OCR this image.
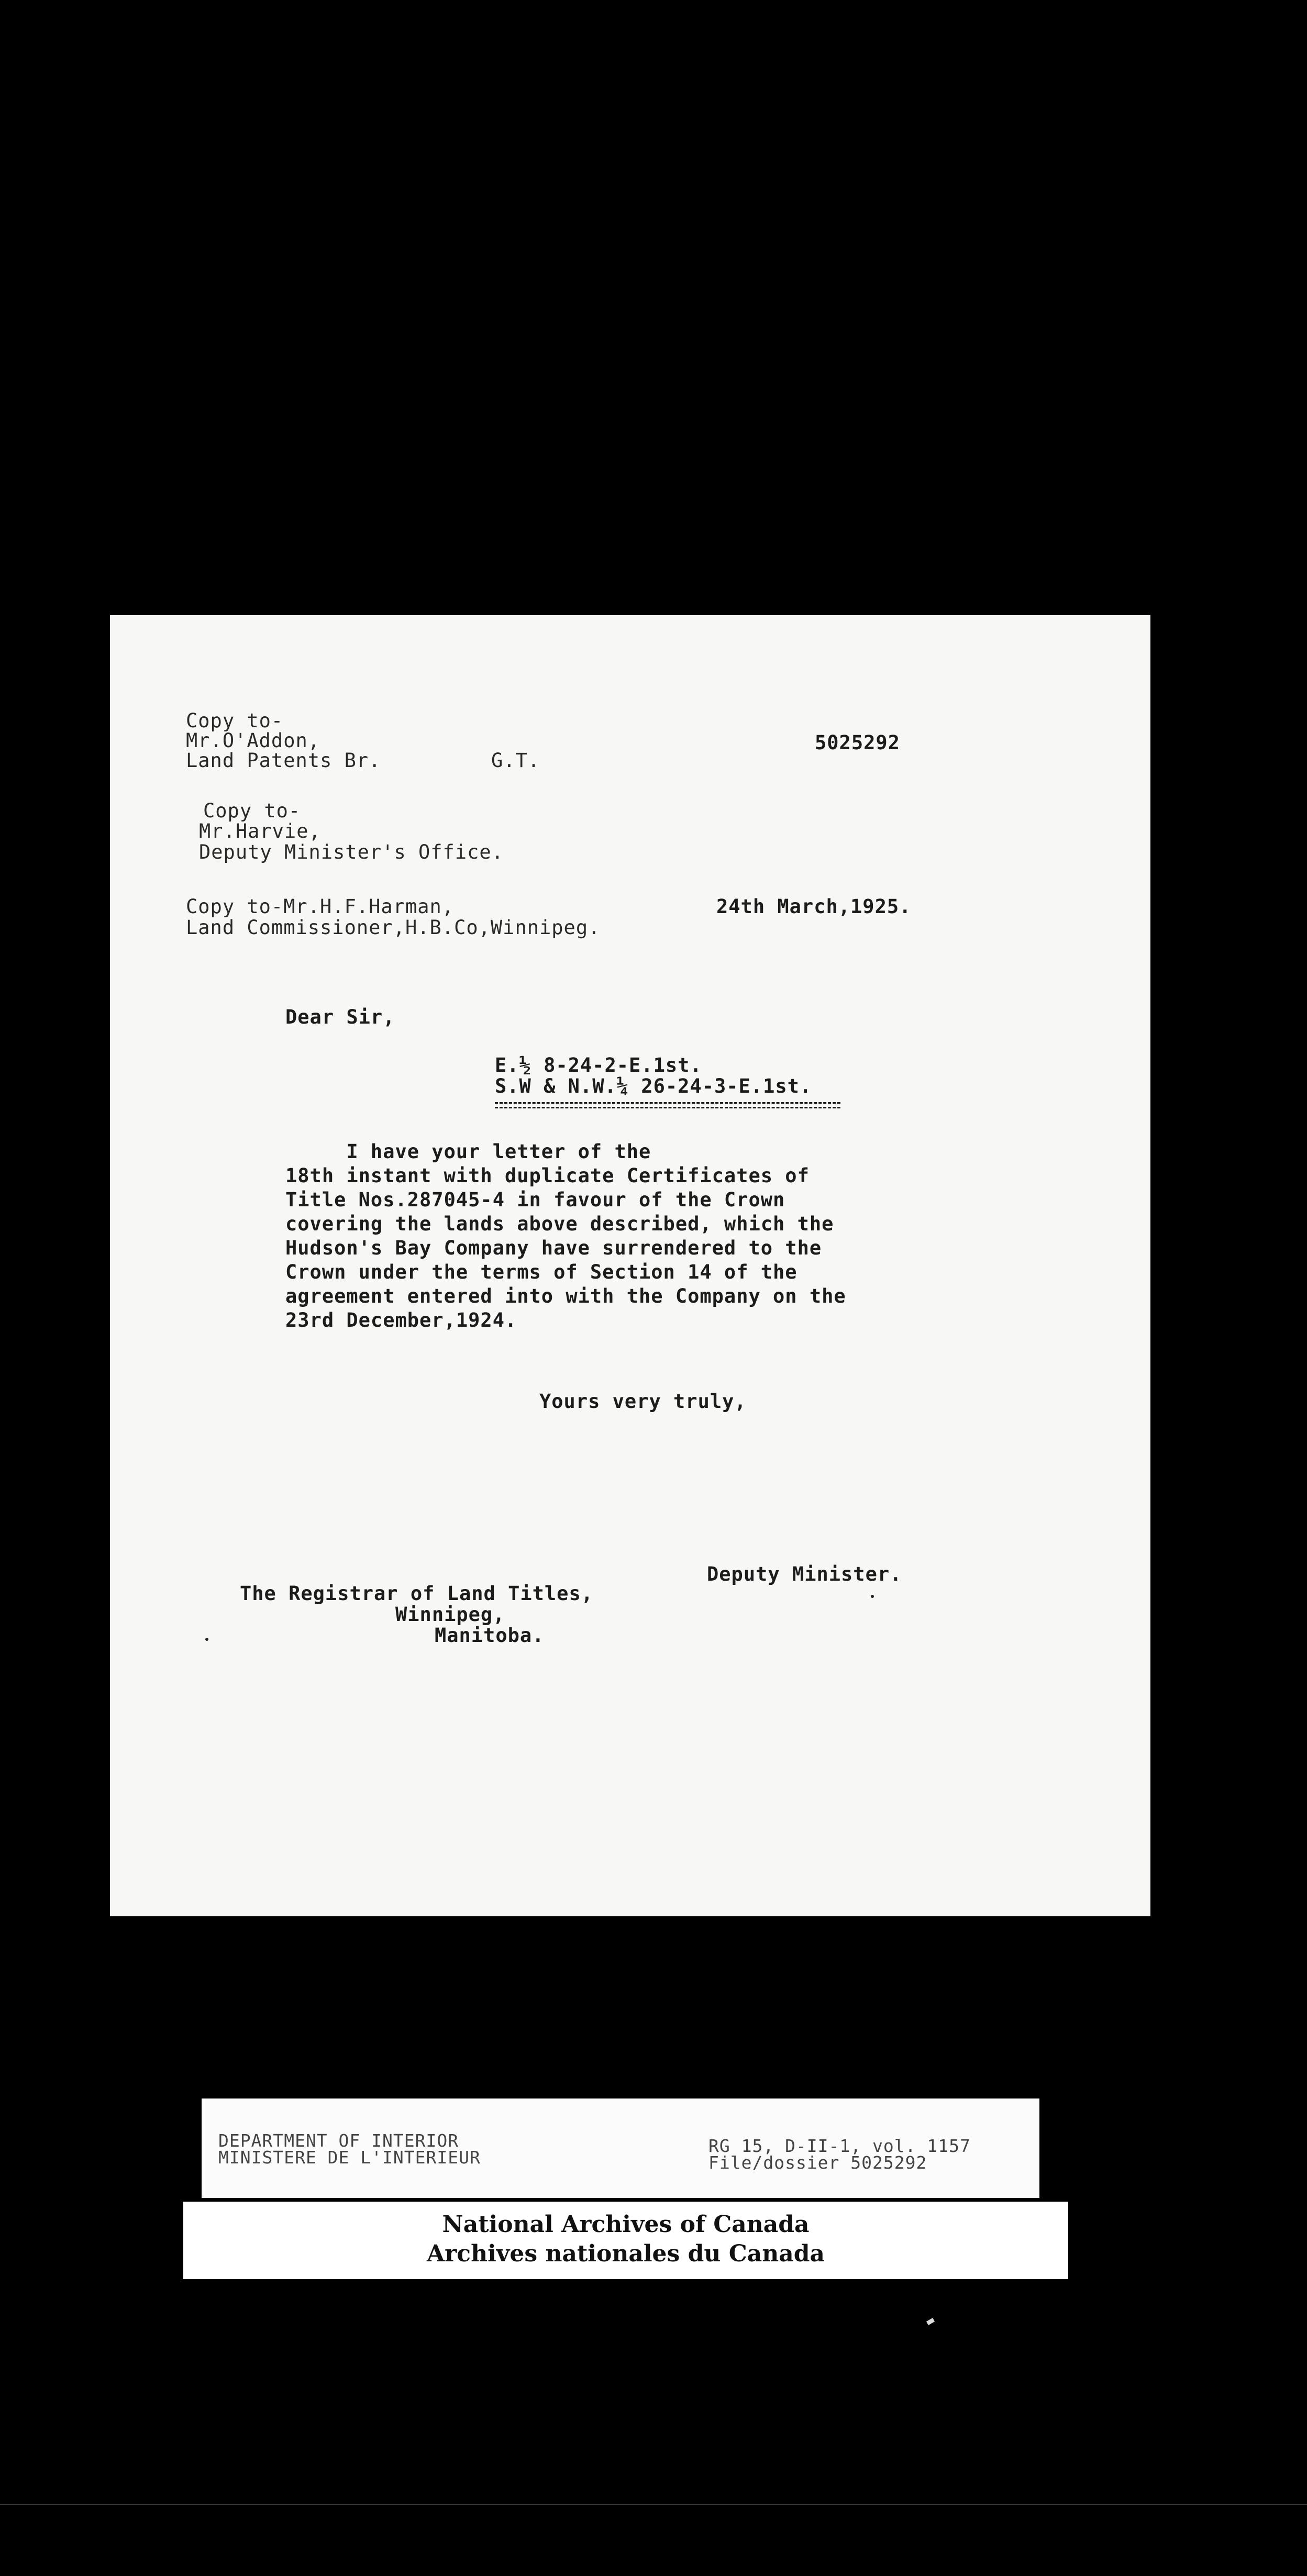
Copy to-
Mr.O'Addon,
Land Patents Br.	G.T.
5025292
Copy to-
Mr.Harvie,
Deputy Minister's Office.
Copy to-Mr.H.F.Harman,
Land Commissioner,H.B.Co,Winnipeg.
24th March,1925.
Dear Sir,
E.½ 8-24-2-E.1st.
S.W & N.W.¼ 26-24-3-E.1st.
I have your letter of the
18th instant with duplicate Certificates of
Title Nos.287045-4 in favour of the Crown
covering the lands above described, which the
Hudson's Bay Company have surrendered to the
Crown under the terms of Section 14 of the
agreement entered into with the Company on the
23rd December,1924.
Yours very truly,
Deputy Minister.
The Registrar of Land Titles,
Winnipeg,
Manitoba.
DEPARTMENT OF INTERIOR
MINISTERE DE L'INTERIEUR
RG 15, D-II-1, vol. 1157
File/dossier 5025292
National Archives of Canada
Archives nationales du Canada
